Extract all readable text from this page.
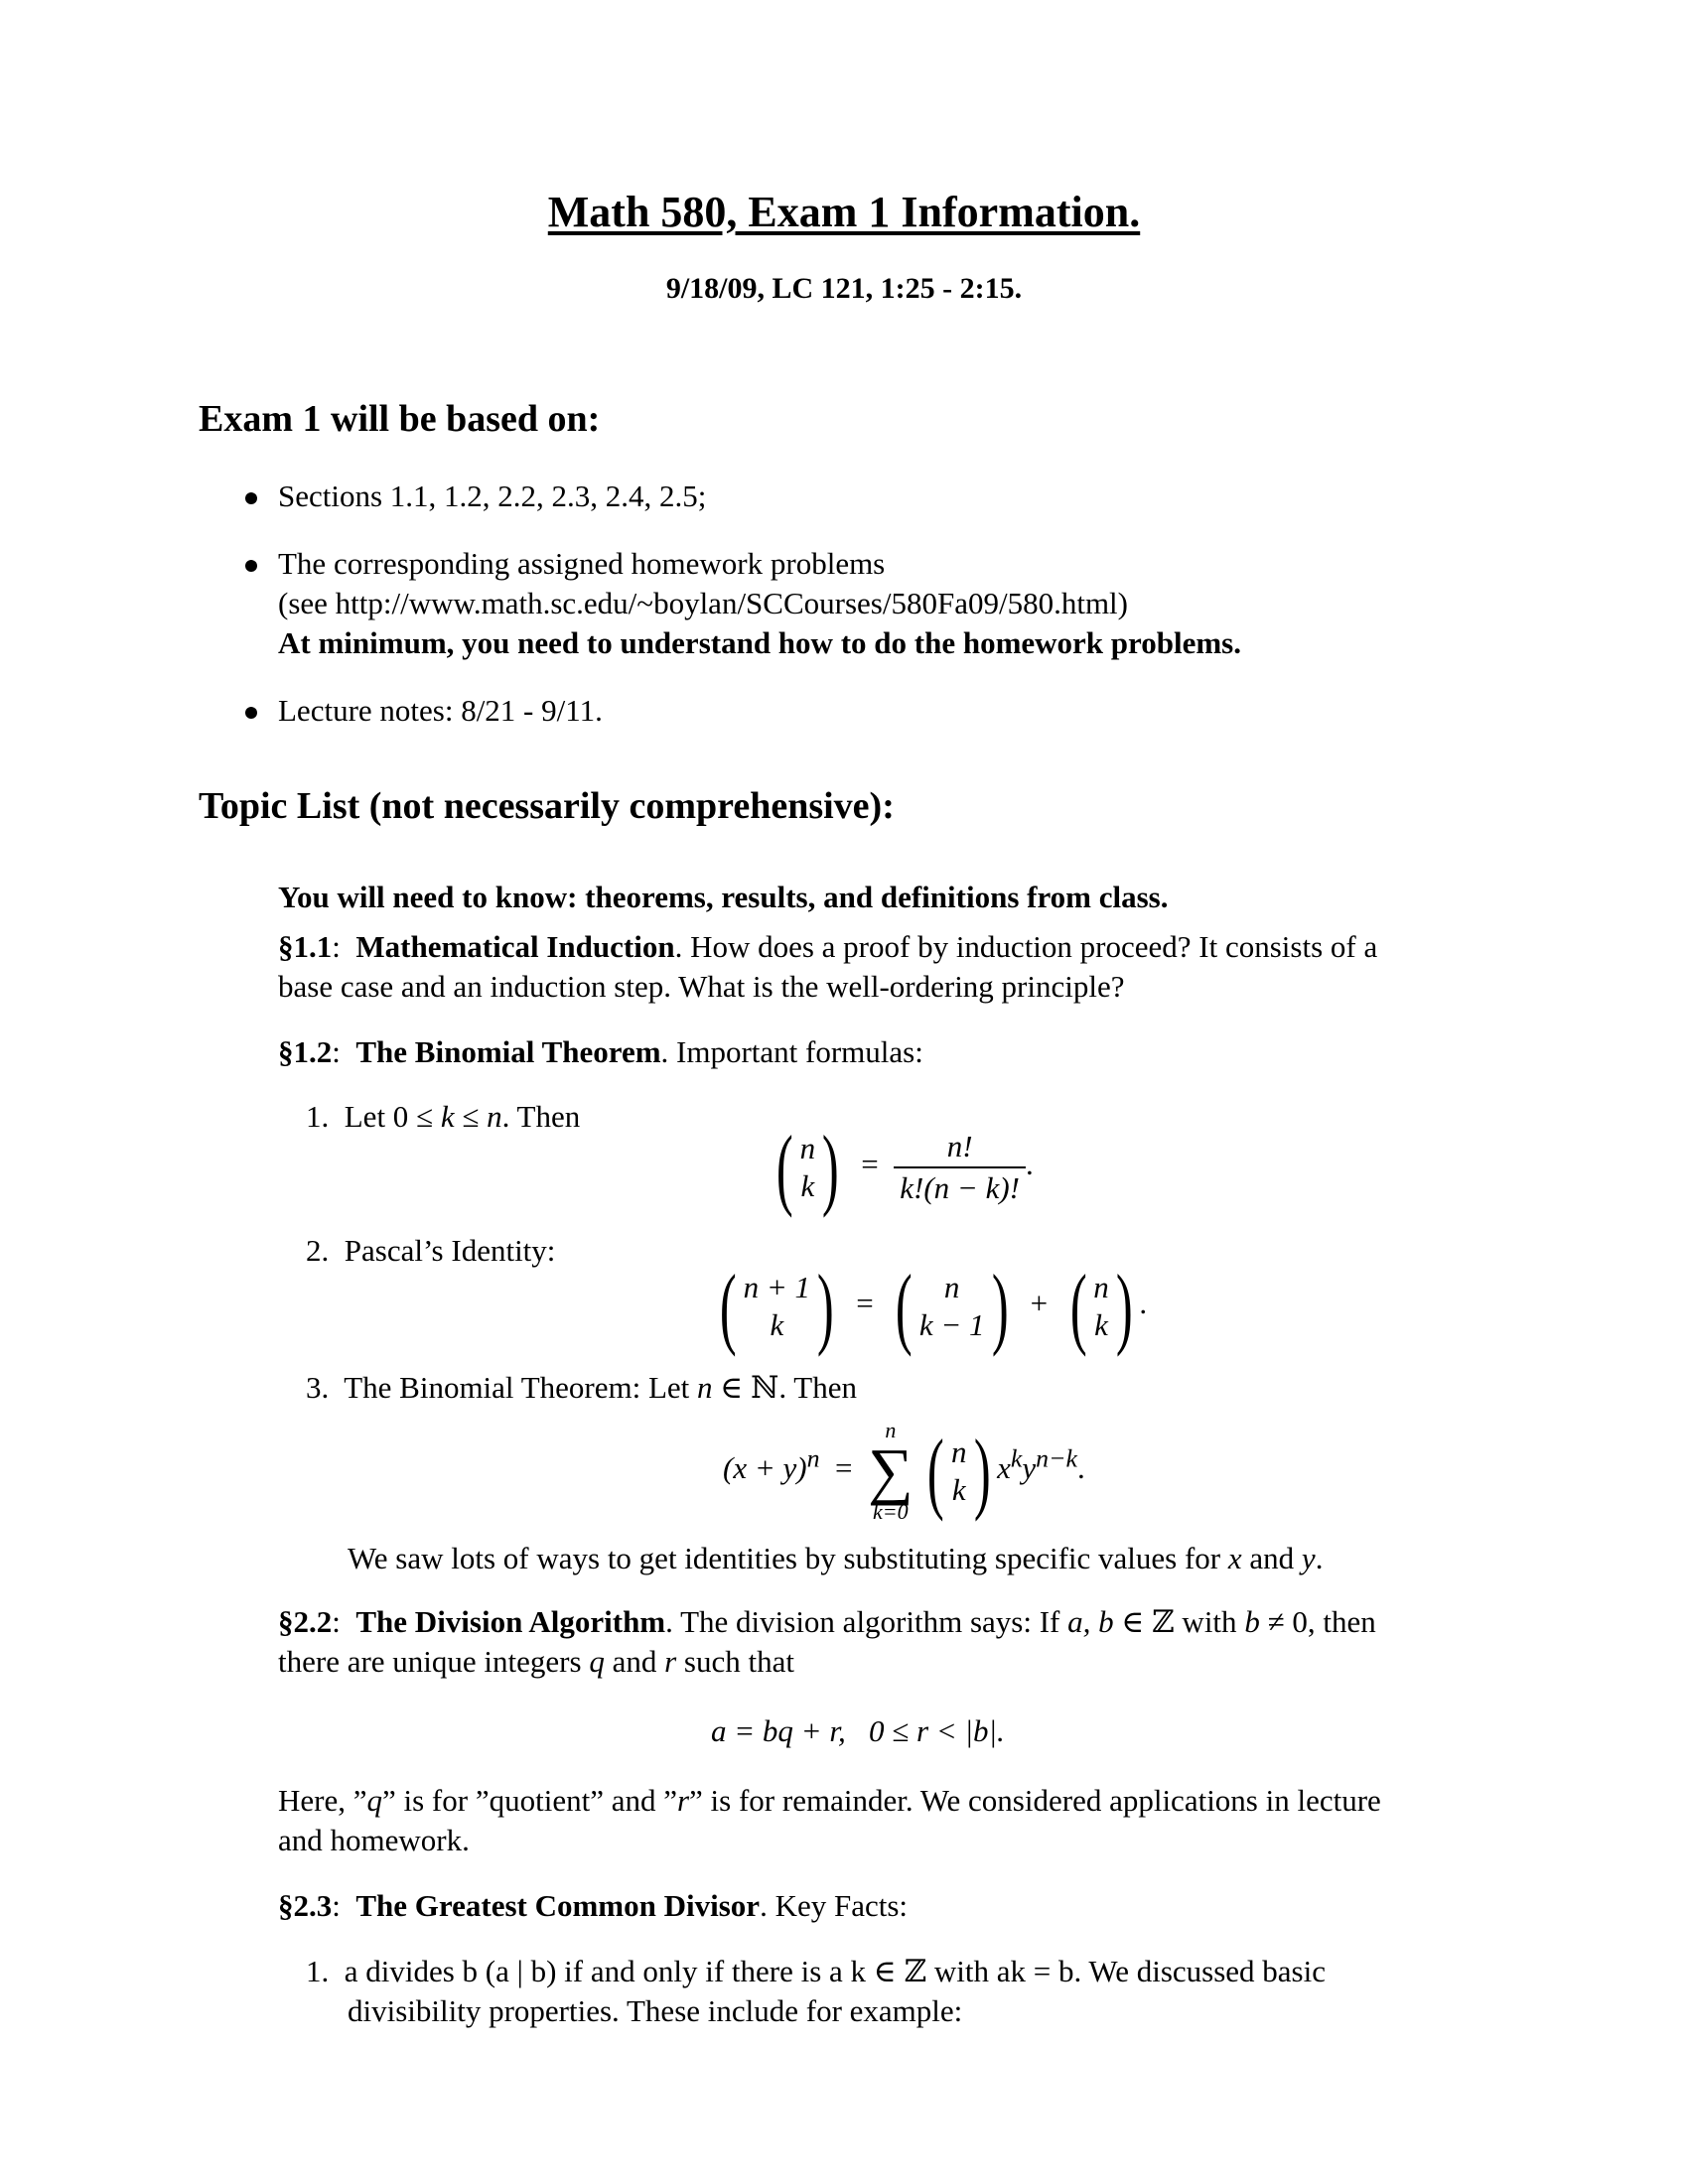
Math 580, Exam 1 Information.
9/18/09, LC 121, 1:25 - 2:15.
Exam 1 will be based on:
Sections 1.1, 1.2, 2.2, 2.3, 2.4, 2.5;
The corresponding assigned homework problems
(see http://www.math.sc.edu/~boylan/SCCourses/580Fa09/580.html)
At minimum, you need to understand how to do the homework problems.
Lecture notes: 8/21 - 9/11.
Topic List (not necessarily comprehensive):
You will need to know: theorems, results, and definitions from class.
§1.1:  Mathematical Induction. How does a proof by induction proceed? It consists of a
base case and an induction step. What is the well-ordering principle?
§1.2:  The Binomial Theorem. Important formulas:
1. Let 0 ≤ k ≤ n. Then
( n
k ) = $\frac{n!}{k!(n - k)!}$ .
2. Pascal’s Identity:
( n + 1
k ) = ( n
k − 1 ) + ( n
k ) .
3. The Binomial Theorem: Let n ∈ ℕ. Then
$(x + y)^n$  =
n
∑
k=0
( n
k ) $x^ky^{n-k}$.
We saw lots of ways to get identities by substituting specific values for x and y.
§2.2:  The Division Algorithm. The division algorithm says: If a, b ∈ ℤ with b ≠ 0, then
there are unique integers q and r such that
a = bq + r,   0 ≤ r < |b|.
Here, ”q” is for ”quotient” and ”r” is for remainder. We considered applications in lecture
and homework.
§2.3:  The Greatest Common Divisor. Key Facts:
1. a divides b (a | b) if and only if there is a k ∈ ℤ with ak = b. We discussed basic
divisibility properties. These include for example:
